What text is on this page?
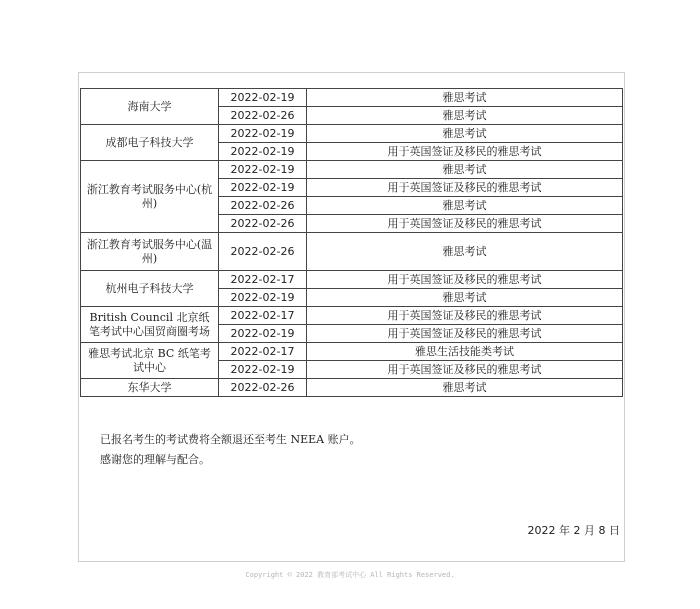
海南大学	2022-02-19	雅思考试
	2022-02-26	雅思考试
成都电子科技大学	2022-02-19	雅思考试
	2022-02-19	用于英国签证及移民的雅思考试
浙江教育考试服务中心(杭州)	2022-02-19	雅思考试
	2022-02-19	用于英国签证及移民的雅思考试
	2022-02-26	雅思考试
	2022-02-26	用于英国签证及移民的雅思考试
浙江教育考试服务中心(温州)	2022-02-26	雅思考试
杭州电子科技大学	2022-02-17	用于英国签证及移民的雅思考试
	2022-02-19	雅思考试
British Council 北京纸笔考试中心国贸商圈考场	2022-02-17	用于英国签证及移民的雅思考试
	2022-02-19	用于英国签证及移民的雅思考试
雅思考试北京 BC 纸笔考试中心	2022-02-17	雅思生活技能类考试
	2022-02-19	用于英国签证及移民的雅思考试
东华大学	2022-02-26	雅思考试

已报名考生的考试费将全额退还至考生 NEEA 账户。

感谢您的理解与配合。

2022 年 2 月 8 日
Copyright © 2022 教育部考试中心 All Rights Reserved.
